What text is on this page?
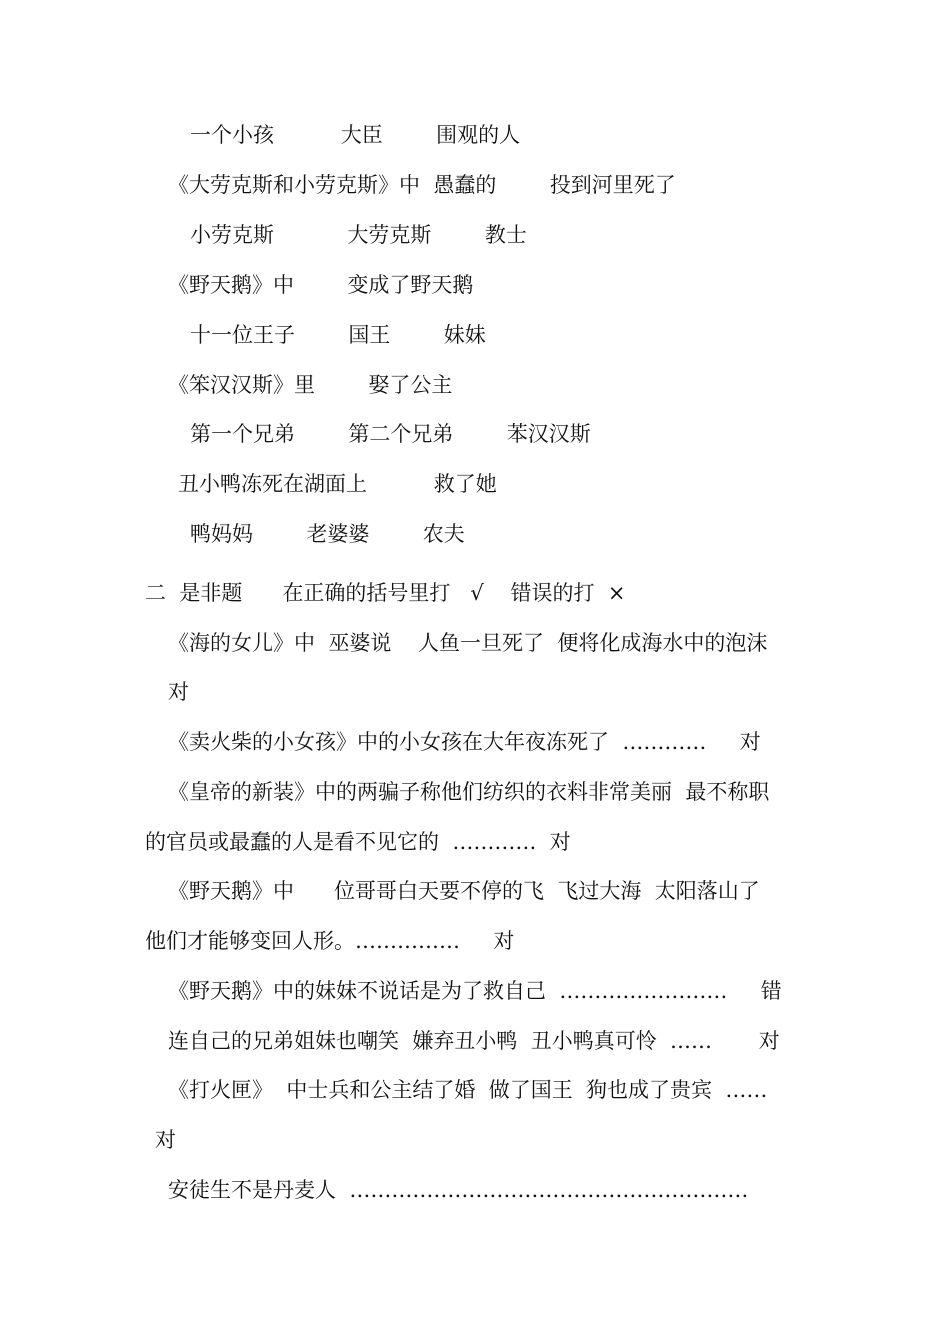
一个小孩          大臣        围观的人
《大劳克斯和小劳克斯》中  愚蠢的        投到河里死了
小劳克斯           大劳克斯        教士
《野天鹅》中        变成了野天鹅
十一位王子        国王        妹妹
《笨汉汉斯》里        娶了公主
第一个兄弟        第二个兄弟        苯汉汉斯
丑小鸭冻死在湖面上          救了她
鸭妈妈        老婆婆        农夫
二  是非题      在正确的括号里打   √    错误的打  ×
《海的女儿》中  巫婆说    人鱼一旦死了  便将化成海水中的泡沫
对
《卖火柴的小女孩》中的小女孩在大年夜冻死了  …………     对
《皇帝的新装》中的两骗子称他们纺织的衣料非常美丽  最不称职
的官员或最蠢的人是看不见它的  …………  对
《野天鹅》中      位哥哥白天要不停的飞  飞过大海  太阳落山了
他们才能够变回人形。……………     对
《野天鹅》中的妹妹不说话是为了救自己  ……………………     错
连自己的兄弟姐妹也嘲笑  嫌弃丑小鸭  丑小鸭真可怜  ……       对
《打火匣》  中士兵和公主结了婚  做了国王  狗也成了贵宾  ……
对
安徒生不是丹麦人  …………………………………………………
